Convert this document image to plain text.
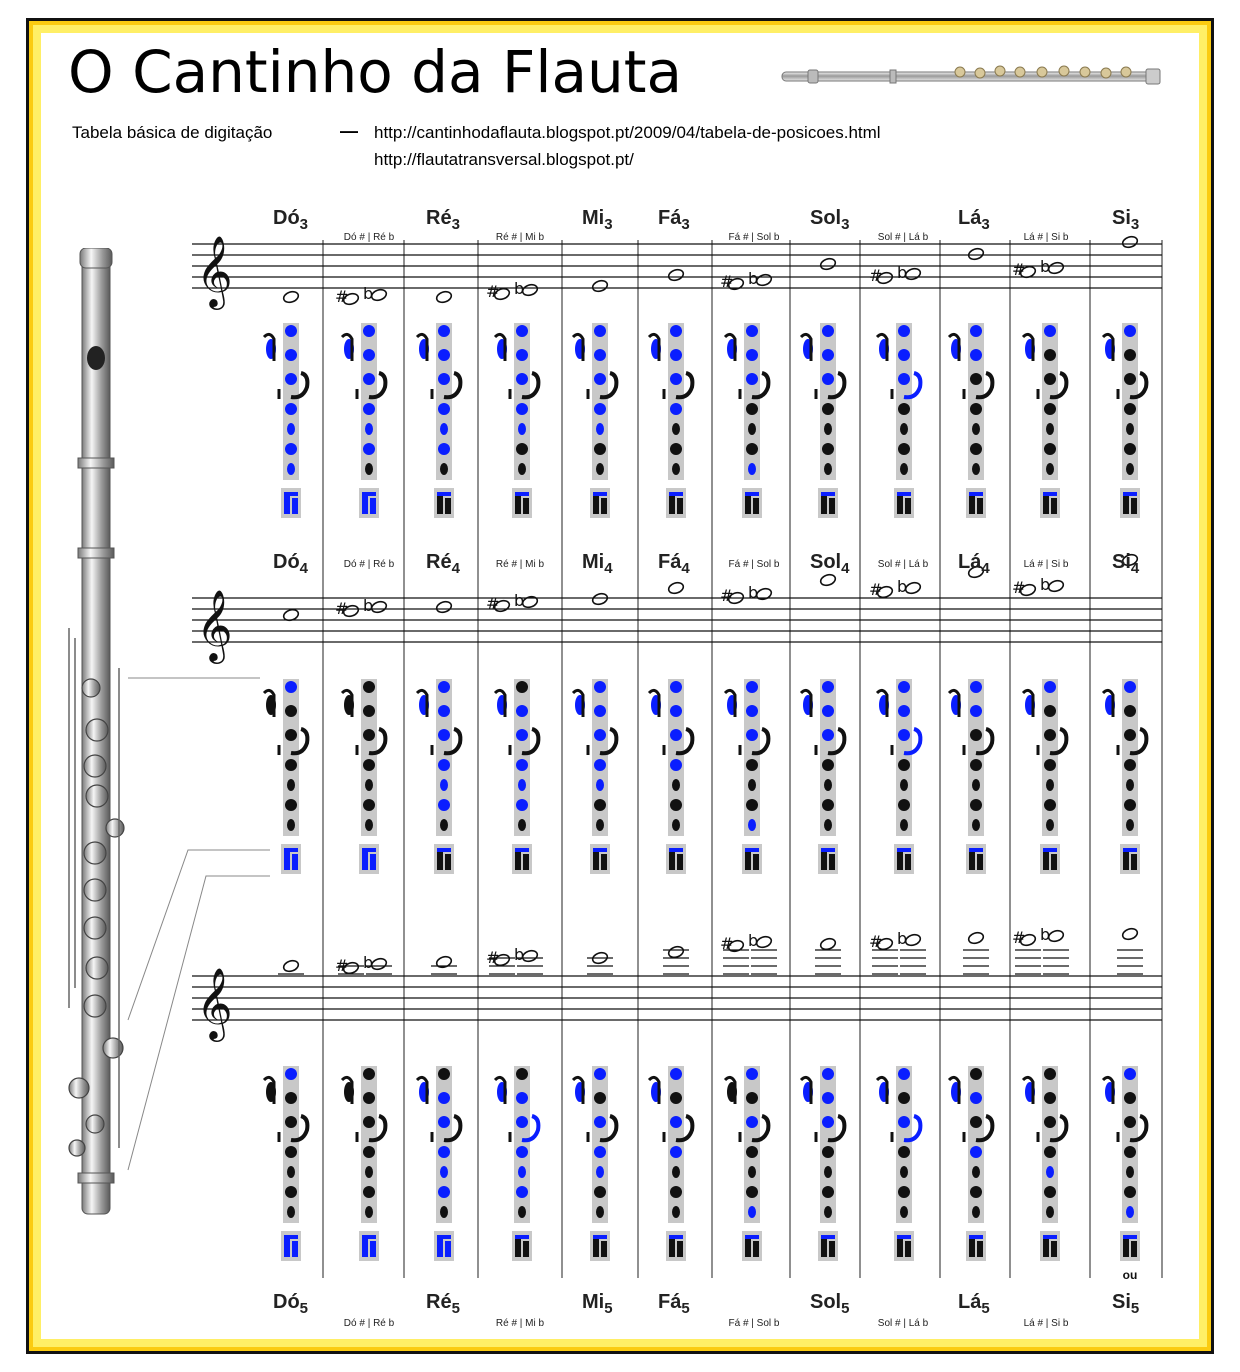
O Cantinho da Flauta
Tabela básica de digitação	— http://cantinhodaflauta.blogspot.pt/2009/04/tabela-de-posicoes.html
http://flautatransversal.blogspot.pt/
𝄞
𝄞
𝄞
# b	# b	# b	# b	# b
# b	# b	# b	# b	# b
# b	# b
# b	# b	# b
$Dó_3$	$Ré_3$	$Mi_3$ $Fá_3$	Sol$_3$	$Lá_3$	$Si_3$
Dó # | Ré b	Ré # | Mi b	Fá # | Sol b	Sol # | Lá b	Lá # | Si b
$Dó_4$	$Ré_4$	$Mi_4$ $Fá_4$	Sol$_4$	$Lá_4$	$Si_4$
Dó # | Ré b	Ré # | Mi b	Fá # | Sol b	Sol # | Lá b	Lá # | Si b
$Dó_5$	$Ré_5$	$Mi_5$ $Fá_5$	Sol$_5$	$Lá_5$	$Si_5$
Dó # | Ré b	Ré # | Mi b	Fá # | Sol b	Sol # | Lá b	Lá # | Si b
ou
